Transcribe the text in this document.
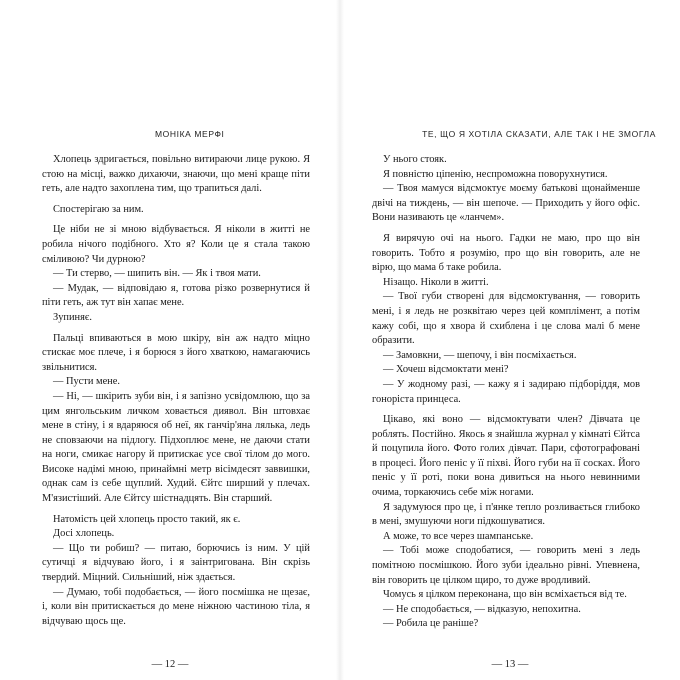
МОНІКА МЕРФІ

Хлопець здригається, повільно витираючи лице рукою. Я стою на місці, важко дихаючи, знаючи, що мені краще піти геть, але надто захоплена тим, що трапиться далі.

Спостерігаю за ним.

Це ніби не зі мною відбувається. Я ніколи в житті не робила нічого подібного. Хто я? Коли це я стала такою сміливою? Чи дурною?

— Ти стерво, — шипить він. — Як і твоя мати.

— Мудак, — відповідаю я, готова різко розвернутися й піти геть, аж тут він хапає мене.

Зупиняє.

Пальці впиваються в мою шкіру, він аж надто міцно стискає моє плече, і я борюся з його хваткою, намагаючись звільнитися.

— Пусти мене.

— Ні, — шкірить зуби він, і я запізно усвідомлюю, що за цим янгольським личком ховається диявол. Він штовхає мене в стіну, і я вдаряюся об неї, як ганчір'яна лялька, ледь не сповзаючи на підлогу. Підхоплює мене, не даючи стати на ноги, смикає нагору й притискає усе свої тілом до мого. Високе надімі мною, принаймні метр вісімдесят заввишки, однак сам із себе щуплий. Худий. Єйтс ширший у плечах. М'язистіший. Але Єйтсу шістнадцять. Він старший.

Натомість цей хлопець просто такий, як є.

Досі хлопець.

— Що ти робиш? — питаю, борючись із ним. У цій сутичці я відчуваю його, і я заінтригована. Він скрізь твердий. Міцний. Сильніший, ніж здається.

— Думаю, тобі подобається, — його посмішка не щезає, і, коли він притискається до мене ніжною частиною тіла, я відчуваю щось ще.

— 12 —
ТЕ, ЩО Я ХОТІЛА СКАЗАТИ, АЛЕ ТАК І НЕ ЗМОГЛА

У нього стояк.

Я повністю ціпенію, неспроможна поворухнутися.

— Твоя мамуся відсмоктує моєму батькові щонайменше двічі на тиждень, — він шепоче. — Приходить у його офіс. Вони називають це «ланчем».

Я вирячую очі на нього. Гадки не маю, про що він говорить. Тобто я розумію, про що він говорить, але не вірю, що мама б таке робила.

Нізащо. Ніколи в житті.

— Твої губи створені для відсмоктування, — говорить мені, і я ледь не розквітаю через цей комплімент, а потім кажу собі, що я хвора й схиблена і це слова малі б мене образити.

— Замовкни, — шепочу, і він посміхається.

— Хочеш відсмоктати мені?

— У жодному разі, — кажу я і задираю підборіддя, мов гоноріста принцеса.

Цікаво, які воно — відсмоктувати член? Дівчата це роблять. Постійно. Якось я знайшла журнал у кімнаті Єйтса й поцупила його. Фото голих дівчат. Пари, сфотографовані в процесі. Його пеніс у її піхві. Його губи на її сосках. Його пеніс у її роті, поки вона дивиться на нього невинними очима, торкаючись себе між ногами.

Я задумуюся про це, і п'янке тепло розливається глибоко в мені, змушуючи ноги підкошуватися.

А може, то все через шампанське.

— Тобі може сподобатися, — говорить мені з ледь помітною посмішкою. Його зуби ідеально рівні. Упевнена, він говорить це цілком щиро, то дуже вродливий.

Чомусь я цілком переконана, що він всміхається від те.

— Не сподобається, — відказую, непохитна.

— Робила це раніше?

— 13 —
